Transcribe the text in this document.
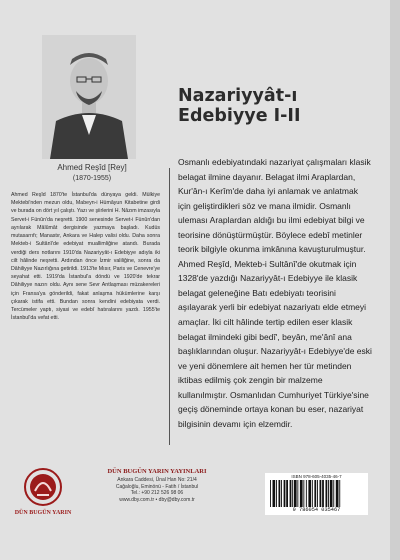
Ahmed Reşîd [Rey]
(1870-1955)
Ahmed Reşîd 1870'te İstanbul'da dünyaya geldi. Mülkiye Mektebi'nden mezun oldu, Mabeyn-i Hümâyun Kitabetine girdi ve burada on dört yıl çalıştı. Yazı ve şiirlerini H. Nâzım imzasıyla Servet-i Fünûn'da neşretti. 1900 senesinde Servet-i Fünûn'dan ayrılarak Mâlûmât dergisinde yazmaya başladı. Kudüs mutasarrıfı; Manastır, Ankara ve Halep valisi oldu. Daha sonra Mekteb-i Sultânî'de edebiyat muallimliğine atandı. Burada verdiği ders notlarını 1910'da Nazariyyât-ı Edebiyye adıyla iki cilt hâlinde neşretti. Ardından önce İzmir valiliğine, sonra da Dâhiliyye Nazırlığına getirildi. 1913'te Mısır, Paris ve Cenevre'ye seyahat etti. 1919'da İstanbul'a döndü ve 1920'de tekrar Dâhiliyye nazırı oldu. Aynı sene Sevr Antlaşması müzakereleri için Fransa'ya gönderildi, fakat anlaşma hükümlerine karşı çıkarak istifa etti. Bundan sonra kendini edebiyata verdi. Tercümeler yaptı, siyasi ve edebî hatıralarını yazdı. 1955'te İstanbul'da vefat etti.
Nazariyyât-ı
Edebiyye I-II
Osmanlı edebiyatındaki nazariyat çalışmaları klasik belagat ilmine dayanır. Belagat ilmi Araplardan, Kur'ân-ı Kerîm'de daha iyi anlamak ve anlatmak için geliştirdikleri söz ve mana ilmidir. Osmanlı uleması Araplardan aldığı bu ilmi edebiyat bilgi ve teorisine dönüştürmüştür. Böylece edebî metinler teorik bilgiyle okunma imkânına kavuşturulmuştur. Ahmed Reşîd, Mekteb-i Sultânî'de okutmak için 1328'de yazdığı Nazariyyât-ı Edebiyye ile klasik belagat geleneğine Batı edebiyatı teorisini aşılayarak yerli bir edebiyat nazariyatı elde etmeyi amaçlar. İki cilt hâlinde tertip edilen eser klasik belagat ilmindeki gibi bedî', beyân, me'ânî ana başlıklarından oluşur. Nazariyyât-ı Edebiyye'de eski ve yeni dönemlere ait hemen her tür metinden iktibas edilmiş çok zengin bir malzeme kullanılmıştır. Osmanlıdan Cumhuriyet Türkiye'sine geçiş döneminde ortaya konan bu eser, nazariyat bilgisinin devamı için elzemdir.
DÜN BUGÜN YARIN
DÜN BUGÜN YARIN YAYINLARI
Ankara Caddesi, Ünal Han No: 21/4
Cağaloğlu, Eminönü - Fatih / İstanbul
Tel.: +90 212 526 98 06
www.dby.com.tr • dby@dby.com.tr
ISBN 978-605-4035-46-7
9 786054 035467
